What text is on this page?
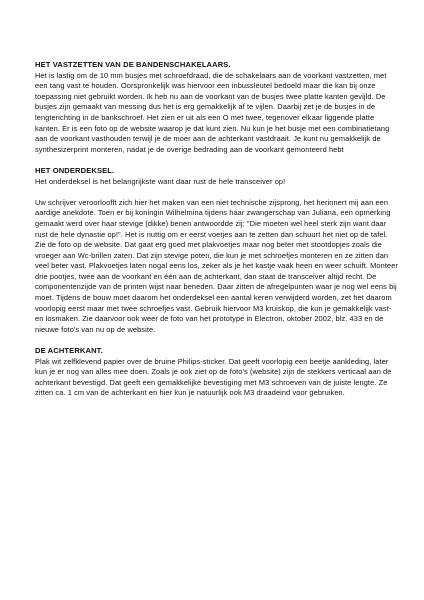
HET VASTZETTEN VAN DE BANDENSCHAKELAARS.

Het is lastig om de 10 mm busjes met schroefdraad, die de schakelaars aan de voorkant vastzetten, met een tang vast te houden. Oorspronkelijk was hiervoor een inbussleutel bedoeld maar die kan bij onze toepassing niet gebruikt worden. Ik heb nu aan de voorkant van de busjes twee platte kanten gevijld. De busjes zijn gemaakt van messing dus het is erg gemakkelijk af te vijlen. Daarbij zet je de busjes in de lengterichting in de bankschroef. Het zien er uit als een O met twee, tegenover elkaar liggende platte kanten. Er is een foto op de website waarop je dat kunt zien. Nu kun je het busje met een combinatietang aan de voorkant vasthouden terwijl je de moer aan de achterkant vastdraait. Je kunt nu gemakkelijk de synthesizerprint monteren, nadat je de overige bedrading aan de voorkant gemonteerd hebt

HET ONDERDEKSEL.

Het onderdeksel is het belangrijkste want daar rust de hele transceiver op!

Uw schrijver veroorloofft zich hier het maken van een niet technische zijsprong, het herinnert mij aan een aardige anekdote. Toen er bij koningin Wilhelmina tijdens haar zwangerschap van Juliana, een opmerking gemaakt werd over haar stevige (dikke) benen antwoordde zij: "Die moeten wel heel sterk zijn want daar rust de hele dynastie op!". Het is nuttig om er eerst voetjes aan te zetten dan schuurt het niet op de tafel. Zie de foto op de website. Dat gaat erg goed met plakvoetjes maar nog beter met stootdopjes zoals die vroeger aan Wc-brillen zaten. Dat zijn stevige poten, die kun je met schroefjes monteren en ze zitten dan veel beter vast. Plakvoetjes laten nogal eens los, zeker als je het kastje vaak heen en weer schuift. Monteer drie pootjes, twee aan de voorkant en één aan de achterkant, dan staat de transceiver altijd recht. De componentenzijde van de printen wijst naar beneden. Daar zitten de afregelpunten waar je nog wel eens bij moet. Tijdens de bouw moet daarom het onderdeksel een aantal keren verwijderd worden, zet het daarom voorlopig eerst maar met twee schroefjes vast. Gebruik hiervoor M3 kruiskop, die kun je gemakkelijk vast- en losmaken. Zie daarvoor ook weer de foto van het prototype in Electron, oktober 2002, blz. 433 en de nieuwe foto's van nu op de website.

DE ACHTERKANT.

Plak wit zelfklevend papier over de bruine Philips-sticker. Dat geeft voorlopig een beetje aankleding, later kun je er nog van alles mee doen. Zoals je ook ziet op de foto's (website) zijn de stekkers verticaal aan de achterkant bevestigd. Dat geeft een gemakkelijke bevestiging met M3 schroeven van de juiste lengte. Ze zitten ca. 1 cm van de achterkant en hier kun je natuurlijk ook M3 draadeind voor gebruiken.
